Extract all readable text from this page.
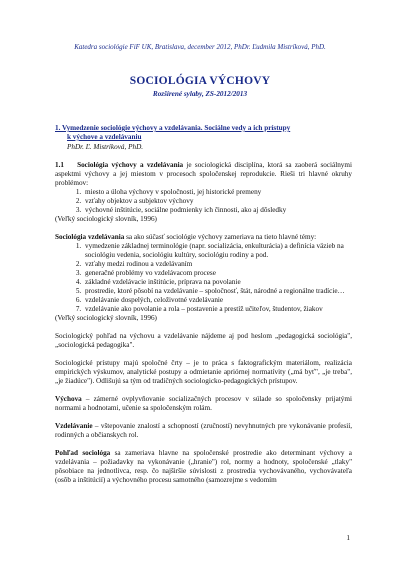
Katedra sociológie FiF UK, Bratislava, december 2012, PhDr. Ľudmila Mistríková, PhD.
SOCIOLÓGIA VÝCHOVY
Rozšírené sylaby, ZS-2012/2013
1. Vymedzenie sociológie výchovy a vzdelávania. Sociálne vedy a ich prístupy
k výchove a vzdelávaniu
PhDr. Ľ. Mistríková, PhD.

1.1 Sociológia výchovy a vzdelávania je sociologická disciplína, ktorá sa zaoberá sociálnymi aspektmi výchovy a jej miestom v procesoch spoločenskej reprodukcie. Rieši tri hlavné okruhy problémov:

1. miesto a úloha výchovy v spoločnosti, jej historické premeny
2. vzťahy objektov a subjektov výchovy
3. výchovné inštitúcie, sociálne podmienky ich činnosti, ako aj dôsledky

(Veľký sociologický slovník, 1996)

Sociológia vzdelávania sa ako súčasť sociológie výchovy zameriava na tieto hlavné témy:

1. vymedzenie základnej terminológie (napr. socializácia, enkulturácia) a definícia väzieb na sociológiu vedenia, sociológiu kultúry, sociológiu rodiny a pod.
2. vzťahy medzi rodinou a vzdelávaním
3. generačné problémy vo vzdelávacom procese
4. základné vzdelávacie inštitúcie, príprava na povolanie
5. prostredie, ktoré pôsobí na vzdelávanie – spoločnosť, štát, národné a regionálne tradície…
6. vzdelávanie dospelých, celoživotné vzdelávanie
7. vzdelávanie ako povolanie a rola – postavenie a prestíž učiteľov, študentov, žiakov

(Veľký sociologický slovník, 1996)

Sociologický pohľad na výchovu a vzdelávanie nájdeme aj pod heslom „pedagogická sociológia", „sociologická pedagogika".

Sociologické prístupy majú spoločné črty – je to práca s faktografickým materiálom, realizácia empirických výskumov, analytické postupy a odmietanie apriórnej normatívity („má byť", „je treba", „je žiadúce"). Odlišujú sa tým od tradičných sociologicko-pedagogických prístupov.

Výchova – zámerné ovplyvňovanie socializačných procesov v súlade so spoločensky prijatými normami a hodnotami, učenie sa spoločenským rolám.

Vzdelávanie – vštepovanie znalostí a schopností (zručností) nevyhnutných pre vykonávanie profesií, rodinných a občianskych rol.

Pohľad sociológa sa zameriava hlavne na spoločenské prostredie ako determinant výchovy a vzdelávania – požiadavky na vykonávanie („hranie") rol, normy a hodnoty, spoločenské „tlaky" pôsobiace na jednotlivca, resp. čo najširšie súvislosti z prostredia vychovávaného, vychovávateľa (osôb a inštitúcií) a výchovného procesu samotného (samozrejme s vedomím

1
